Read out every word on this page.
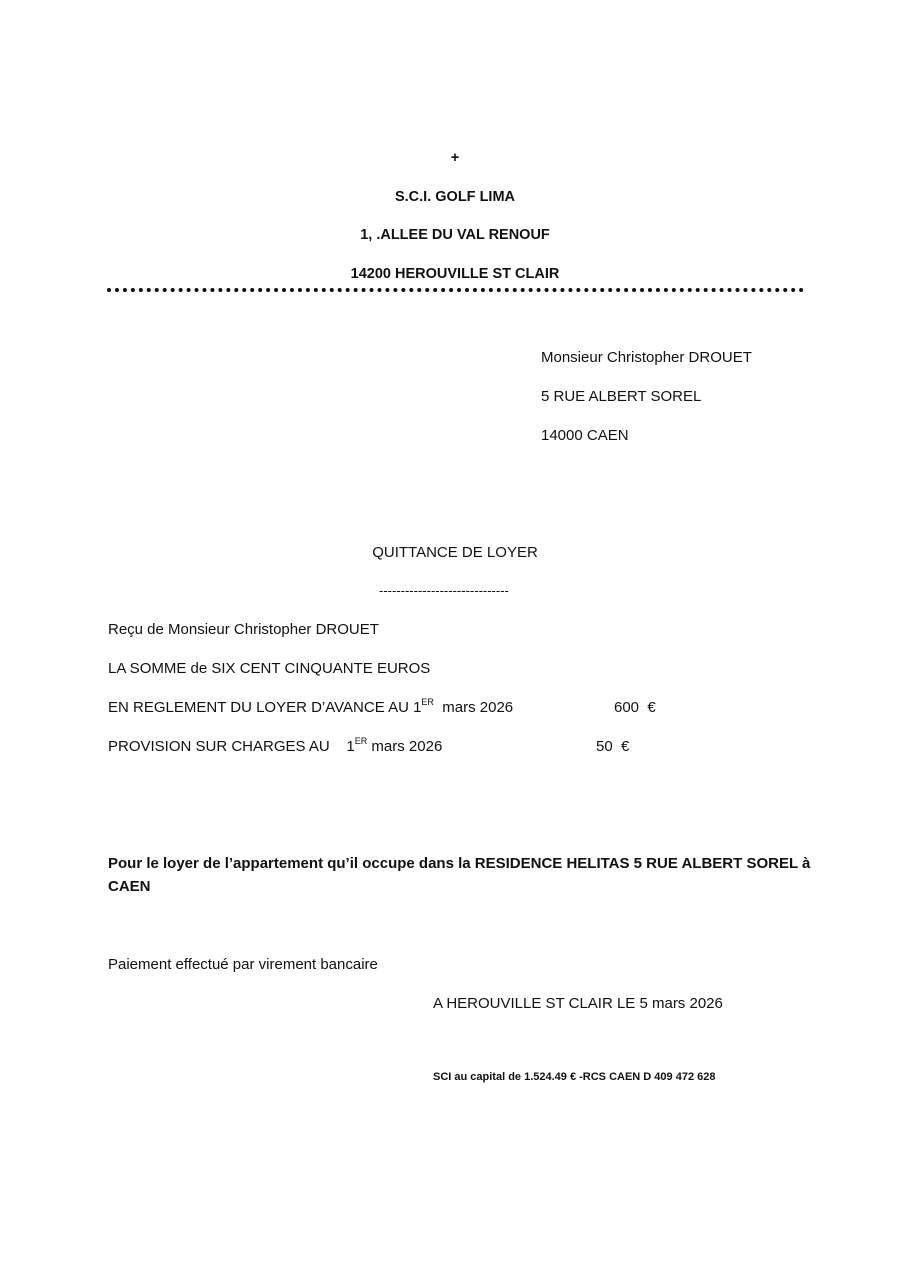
+
S.C.I. GOLF LIMA
1, .ALLEE DU VAL RENOUF
14200 HEROUVILLE ST CLAIR
Monsieur Christopher DROUET
5 RUE ALBERT SOREL
14000 CAEN
QUITTANCE DE LOYER
------------------------------
Reçu de Monsieur Christopher DROUET
LA SOMME de SIX CENT CINQUANTE EUROS
EN REGLEMENT DU LOYER D’AVANCE AU 1ER  mars 2026	600  €
PROVISION SUR CHARGES AU    1ER mars 2026	50  €
Pour le loyer de l’appartement qu’il occupe dans la RESIDENCE HELITAS 5 RUE ALBERT SOREL à
CAEN
Paiement effectué par virement bancaire
A HEROUVILLE ST CLAIR LE 5 mars 2026
SCI au capital de 1.524.49 € -RCS CAEN D 409 472 628
